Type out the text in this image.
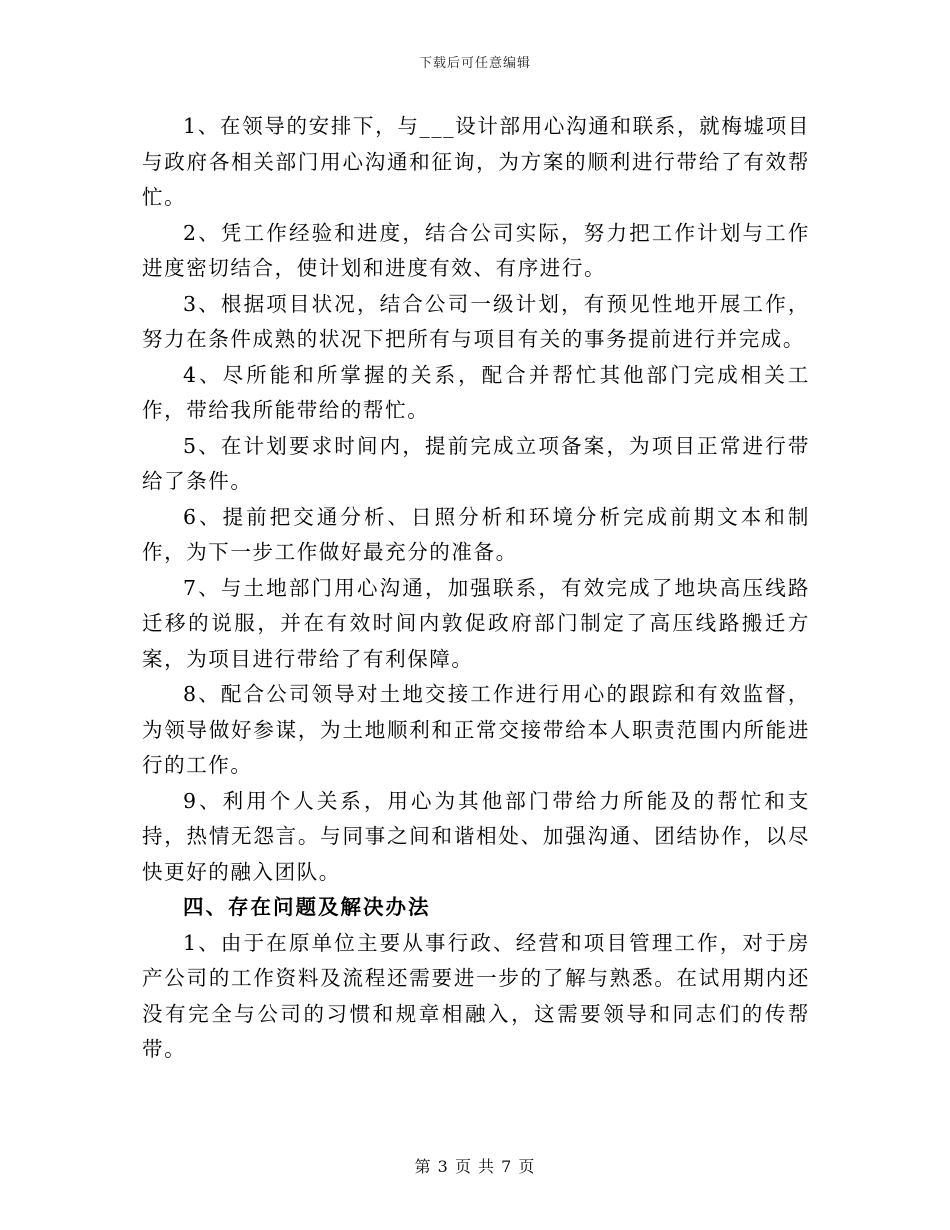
下载后可任意编辑

1、在领导的安排下，与___设计部用心沟通和联系，就梅墟项目与政府各相关部门用心沟通和征询，为方案的顺利进行带给了有效帮忙。

2、凭工作经验和进度，结合公司实际，努力把工作计划与工作进度密切结合，使计划和进度有效、有序进行。

3、根据项目状况，结合公司一级计划，有预见性地开展工作，努力在条件成熟的状况下把所有与项目有关的事务提前进行并完成。

4、尽所能和所掌握的关系，配合并帮忙其他部门完成相关工作，带给我所能带给的帮忙。

5、在计划要求时间内，提前完成立项备案，为项目正常进行带给了条件。

6、提前把交通分析、日照分析和环境分析完成前期文本和制作，为下一步工作做好最充分的准备。

7、与土地部门用心沟通，加强联系，有效完成了地块高压线路迁移的说服，并在有效时间内敦促政府部门制定了高压线路搬迁方案，为项目进行带给了有利保障。

8、配合公司领导对土地交接工作进行用心的跟踪和有效监督，为领导做好参谋，为土地顺利和正常交接带给本人职责范围内所能进行的工作。

9、利用个人关系，用心为其他部门带给力所能及的帮忙和支持，热情无怨言。与同事之间和谐相处、加强沟通、团结协作，以尽快更好的融入团队。

四、存在问题及解决办法

1、由于在原单位主要从事行政、经营和项目管理工作，对于房产公司的工作资料及流程还需要进一步的了解与熟悉。在试用期内还没有完全与公司的习惯和规章相融入，这需要领导和同志们的传帮带。

第 3 页 共 7 页
